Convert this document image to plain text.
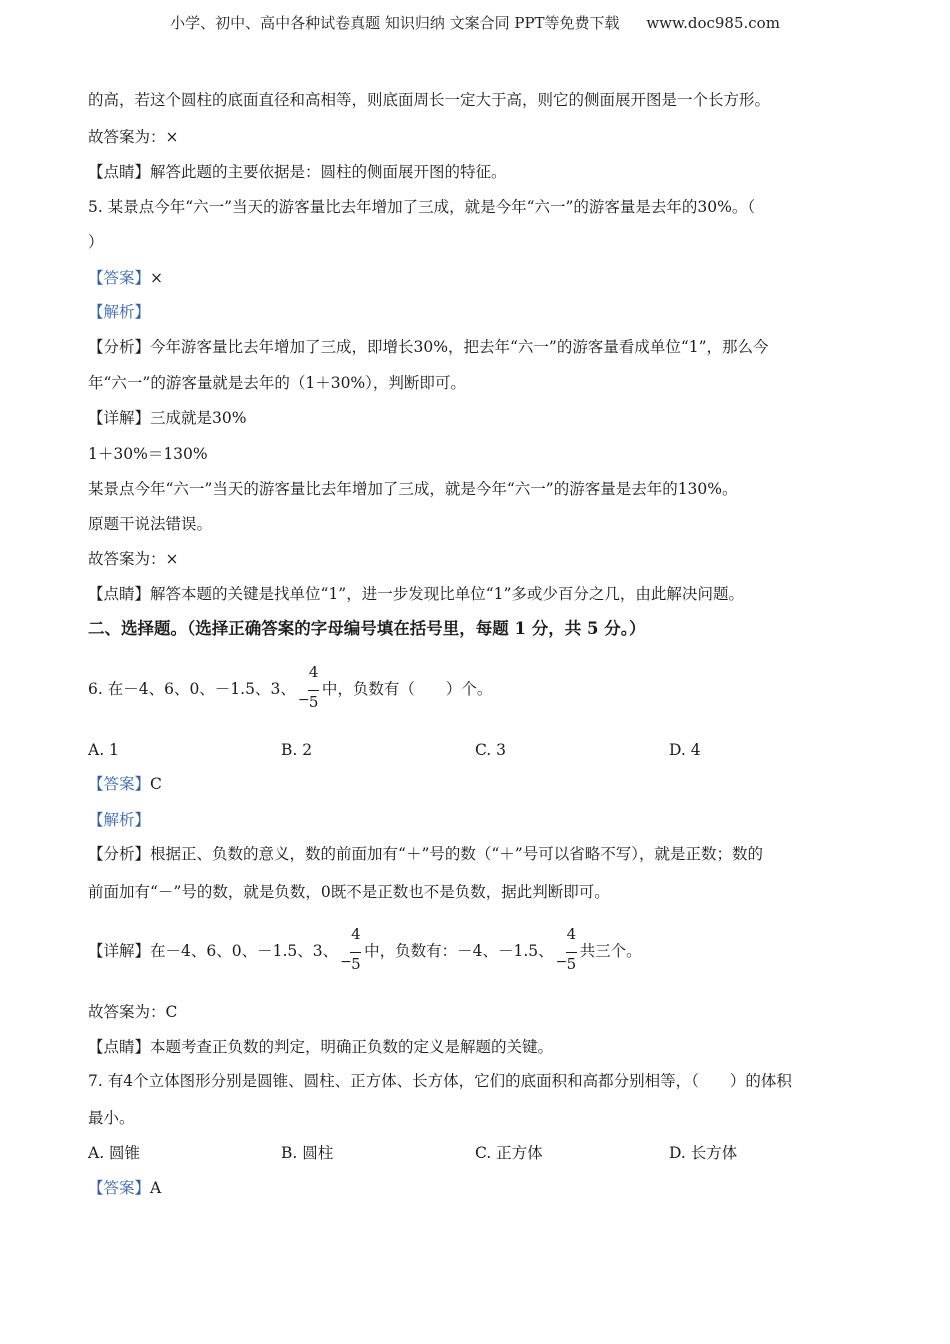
小学、初中、高中各种试卷真题 知识归纳 文案合同 PPT等免费下载 www.doc985.com
的高，若这个圆柱的底面直径和高相等，则底面周长一定大于高，则它的侧面展开图是一个长方形。
故答案为：×
【点睛】解答此题的主要依据是：圆柱的侧面展开图的特征。
5. 某景点今年“六一”当天的游客量比去年增加了三成，就是今年“六一”的游客量是去年的30%。（
）
【答案】×
【解析】
【分析】今年游客量比去年增加了三成，即增长30%，把去年“六一”的游客量看成单位“1”，那么今
年“六一”的游客量就是去年的（1＋30%），判断即可。
【详解】三成就是30%
1＋30%＝130%
某景点今年“六一”当天的游客量比去年增加了三成，就是今年“六一”的游客量是去年的130%。
原题干说法错误。
故答案为：×
【点睛】解答本题的关键是找单位“1”，进一步发现比单位“1”多或少百分之几，由此解决问题。
二、选择题。（选择正确答案的字母编号填在括号里，每题 1 分，共 5 分。）
6. 在－4、6、0、－1.5、3、
−
4
5
中，负数有（　　）个。
A. 1	B. 2	C. 3	D. 4
【答案】C
【解析】
【分析】根据正、负数的意义，数的前面加有“＋”号的数（“＋”号可以省略不写），就是正数；数的
前面加有“－”号的数，就是负数，0既不是正数也不是负数，据此判断即可。
【详解】在－4、6、0、－1.5、3、
−
4
5
中，负数有：－4、－1.5、
−
4
5
共三个。
故答案为：C
【点睛】本题考查正负数的判定，明确正负数的定义是解题的关键。
7. 有4个立体图形分别是圆锥、圆柱、正方体、长方体，它们的底面积和高都分别相等，（　　）的体积
最小。
A. 圆锥	B. 圆柱	C. 正方体	D. 长方体
【答案】A
